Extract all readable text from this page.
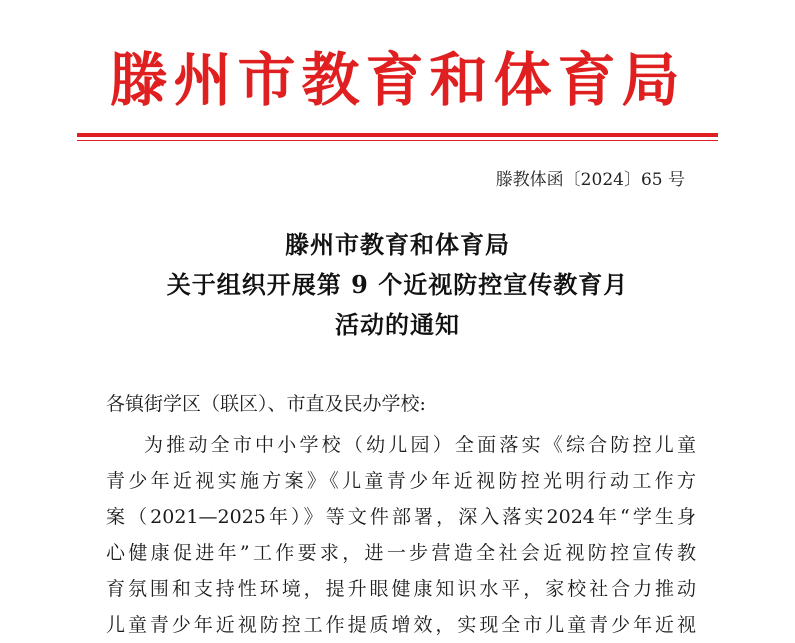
滕州市教育和体育局
滕教体函〔2024〕65 号
滕州市教育和体育局
关于组织开展第 9 个近视防控宣传教育月
活动的通知
各镇街学区（联区）、市直及民办学校:
为推动全市中小学校（幼儿园）全面落实《综合防控儿童
青少年近视实施方案》《儿童青少年近视防控光明行动工作方
案（2021—2025年）》等文件部署，深入落实2024年“学生身
心健康促进年”工作要求，进一步营造全社会近视防控宣传教
育氛围和支持性环境，提升眼健康知识水平，家校社合力推动
儿童青少年近视防控工作提质增效，实现全市儿童青少年近视
